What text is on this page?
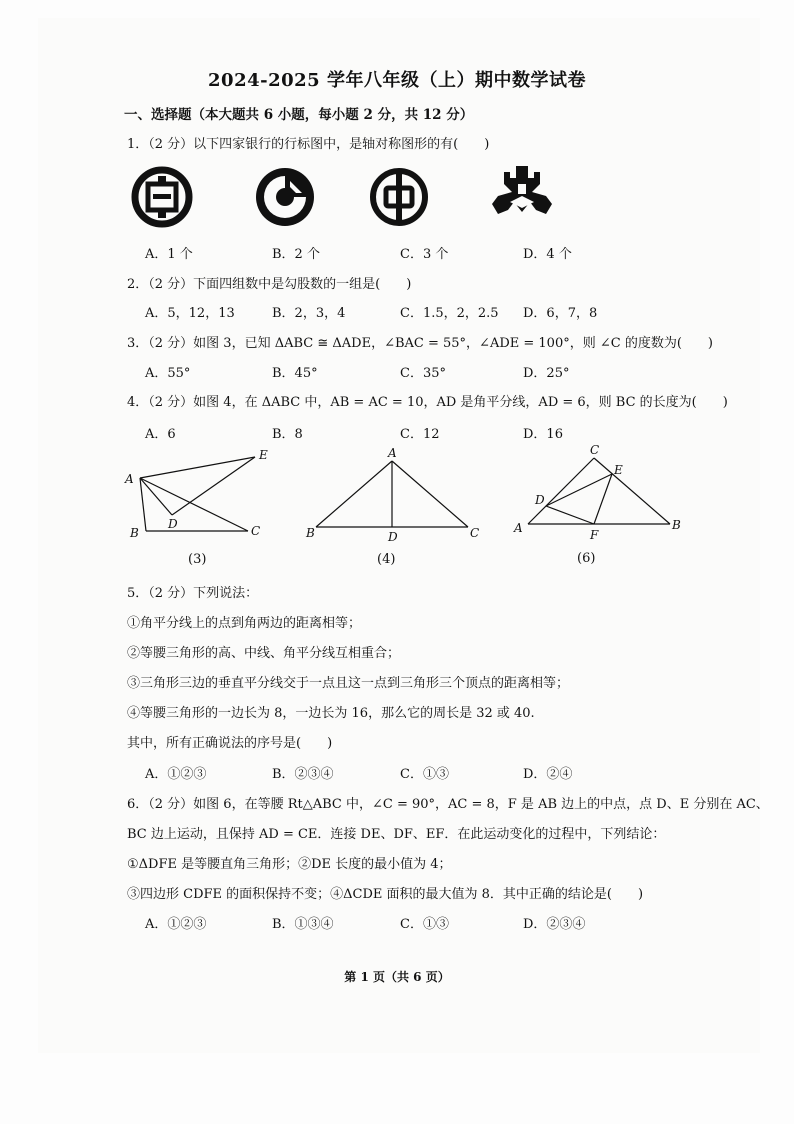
2024-2025 学年八年级（上）期中数学试卷
一、选择题（本大题共 6 小题，每小题 2 分，共 12 分）
1．（2 分）以下四家银行的行标图中，是轴对称图形的有(　　)
A．1 个	B．2 个	C．3 个	D．4 个
2．（2 分）下面四组数中是勾股数的一组是(　　)
A．5，12，13	B．2，3，4	C．1.5，2，2.5 D．6，7，8
3．（2 分）如图 3，已知 ΔABC ≅ ΔADE，∠BAC = 55°，∠ADE = 100°，则 ∠C 的度数为(　　)
A．55°	B．45°	C．35°	D．25°
4．（2 分）如图 4，在 ΔABC 中，AB = AC = 10，AD 是角平分线，AD = 6，则 BC 的长度为(　　)
A．6	B．8	C．12	D．16
A
B	C
D
E
(3)
A
B	C
D
(4)
C
E
D
A	F
B
(6)
5．（2 分）下列说法：
①角平分线上的点到角两边的距离相等；
②等腰三角形的高、中线、角平分线互相重合；
③三角形三边的垂直平分线交于一点且这一点到三角形三个顶点的距离相等；
④等腰三角形的一边长为 8，一边长为 16，那么它的周长是 32 或 40.
其中，所有正确说法的序号是(　　)
A．①②③	B．②③④	C．①③	D．②④
6．（2 分）如图 6，在等腰 Rt△ABC 中，∠C = 90°，AC = 8，F 是 AB 边上的中点，点 D、E 分别在 AC、
BC 边上运动，且保持 AD = CE．连接 DE、DF、EF．在此运动变化的过程中，下列结论：
①ΔDFE 是等腰直角三角形；②DE 长度的最小值为 4；
③四边形 CDFE 的面积保持不变；④ΔCDE 面积的最大值为 8．其中正确的结论是(　　)
A．①②③	B．①③④	C．①③	D．②③④
第 1 页（共 6 页）
